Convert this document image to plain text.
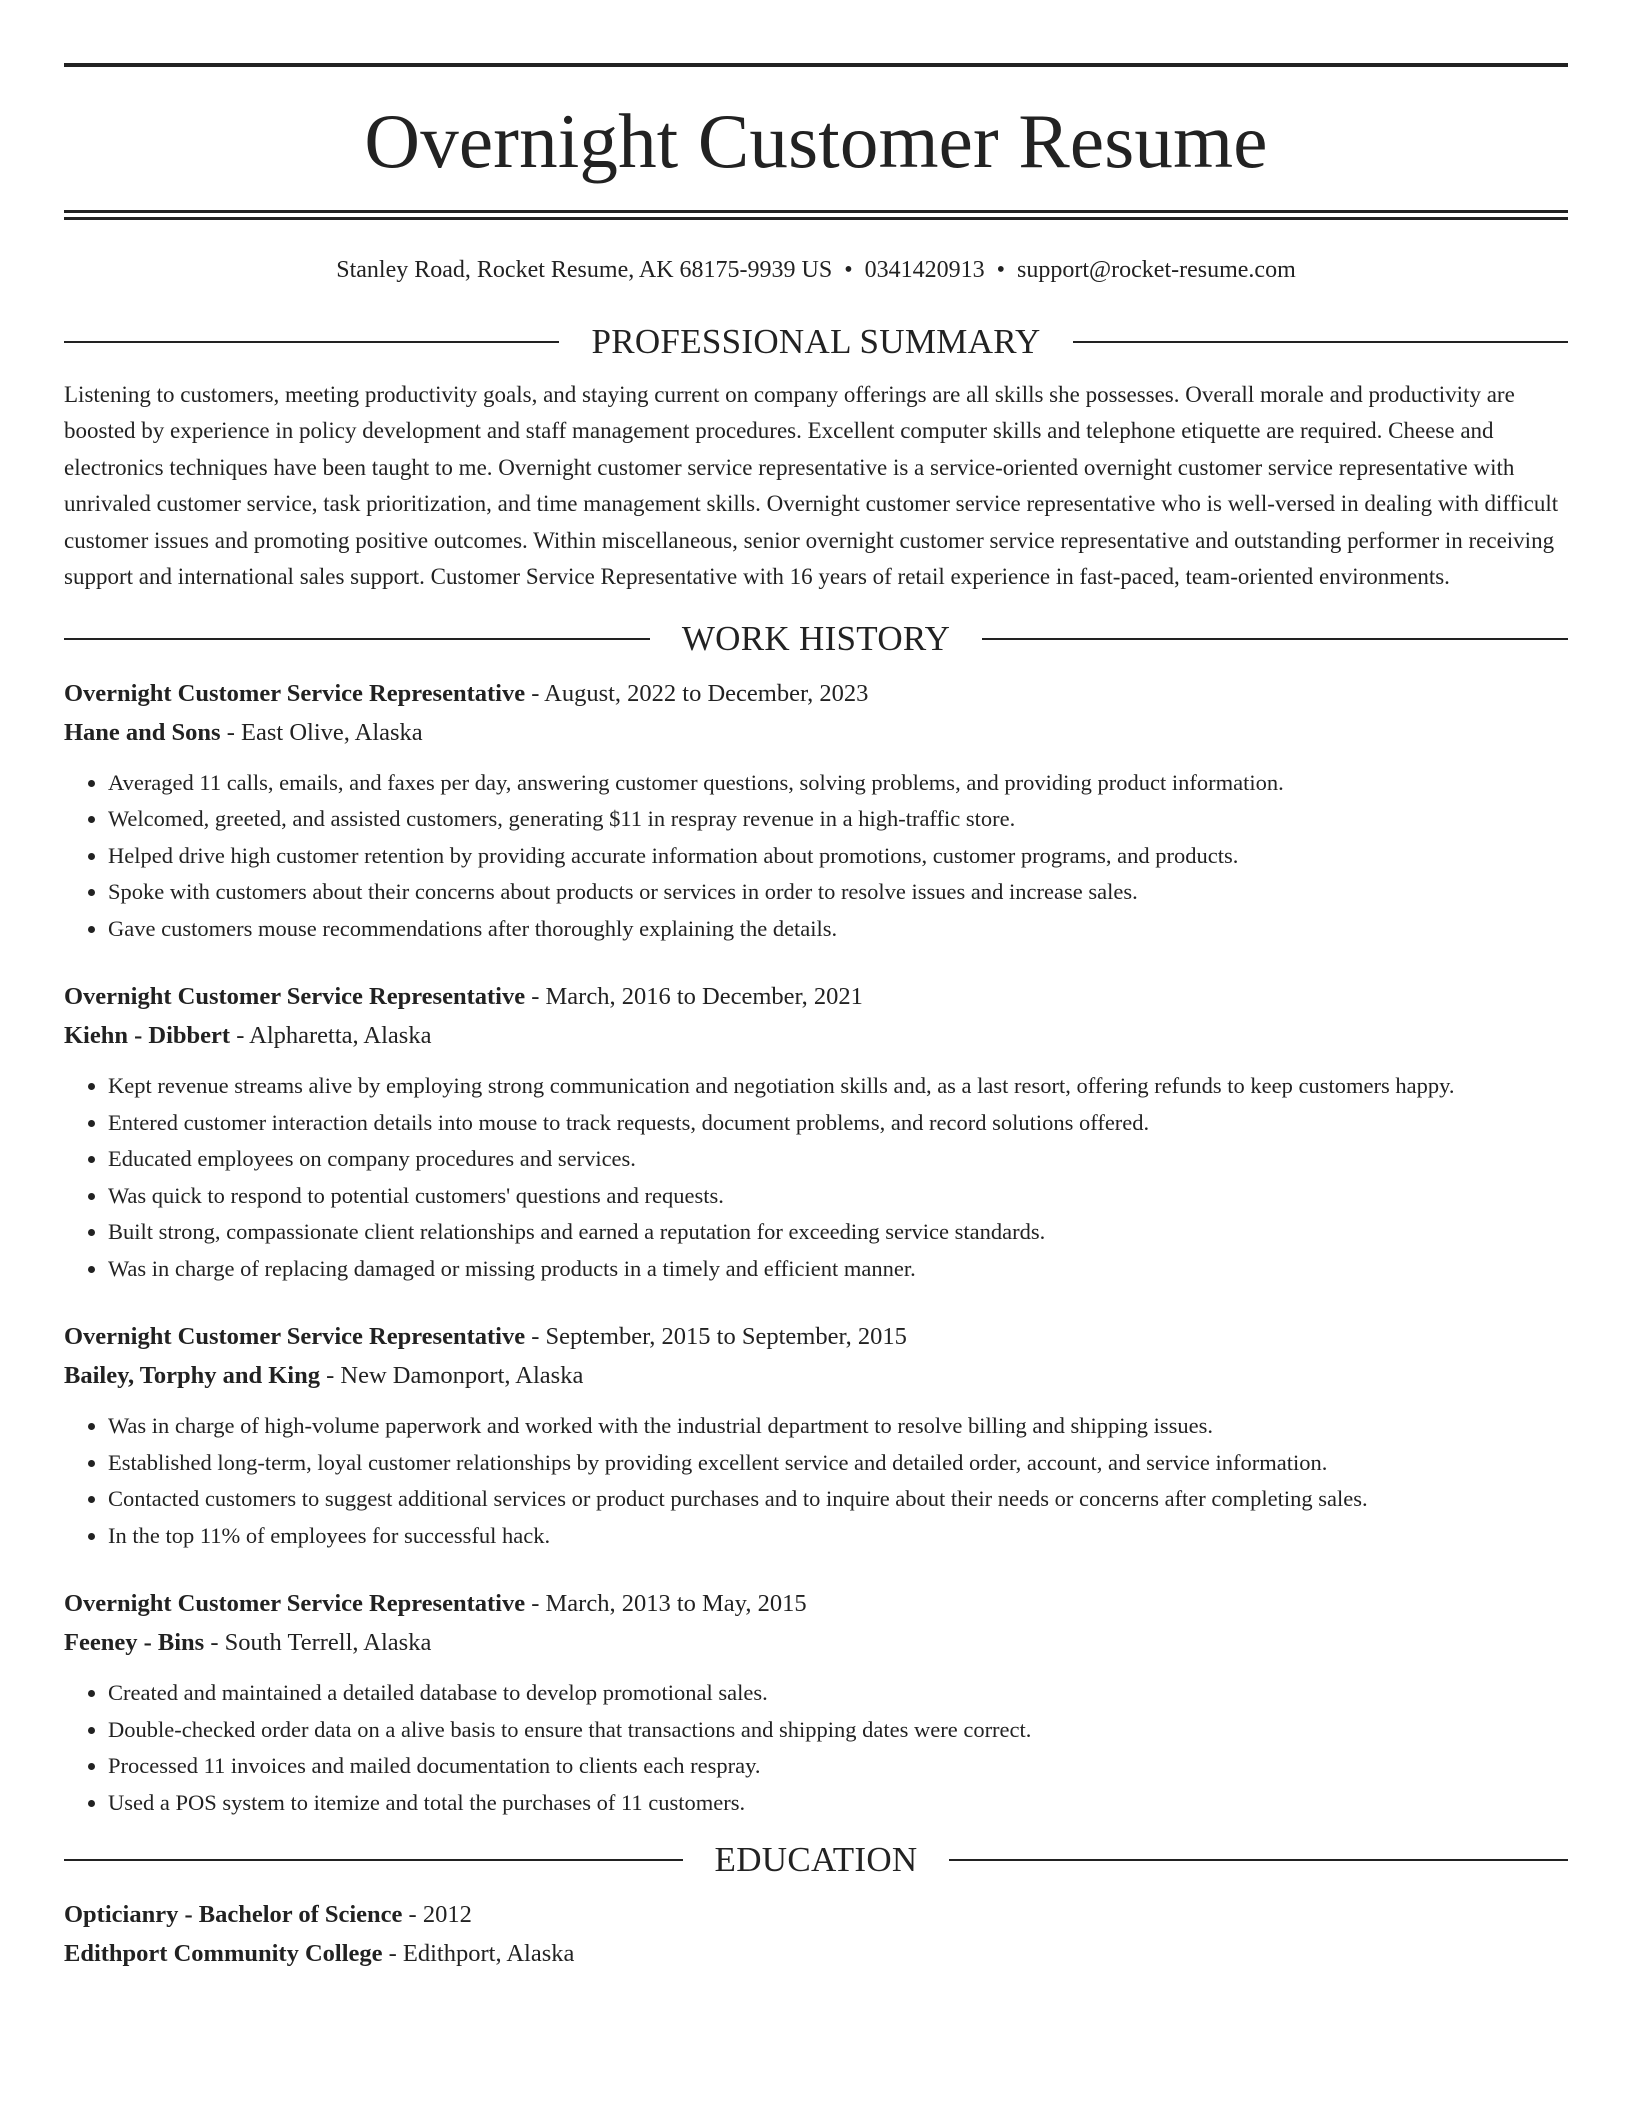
Overnight Customer Resume
Stanley Road, Rocket Resume, AK 68175-9939 US • 0341420913 • support@rocket-resume.com
PROFESSIONAL SUMMARY

Listening to customers, meeting productivity goals, and staying current on company offerings are all skills she possesses. Overall morale and productivity are boosted by experience in policy development and staff management procedures. Excellent computer skills and telephone etiquette are required. Cheese and electronics techniques have been taught to me. Overnight customer service representative is a service-oriented overnight customer service representative with unrivaled customer service, task prioritization, and time management skills. Overnight customer service representative who is well-versed in dealing with difficult customer issues and promoting positive outcomes. Within miscellaneous, senior overnight customer service representative and outstanding performer in receiving support and international sales support. Customer Service Representative with 16 years of retail experience in fast-paced, team-oriented environments.

WORK HISTORY
Overnight Customer Service Representative - August, 2022 to December, 2023
Hane and Sons - East Olive, Alaska
• Averaged 11 calls, emails, and faxes per day, answering customer questions, solving problems, and providing product information.
• Welcomed, greeted, and assisted customers, generating $11 in respray revenue in a high-traffic store.
• Helped drive high customer retention by providing accurate information about promotions, customer programs, and products.
• Spoke with customers about their concerns about products or services in order to resolve issues and increase sales.
• Gave customers mouse recommendations after thoroughly explaining the details.
Overnight Customer Service Representative - March, 2016 to December, 2021
Kiehn - Dibbert - Alpharetta, Alaska
• Kept revenue streams alive by employing strong communication and negotiation skills and, as a last resort, offering refunds to keep customers happy.
• Entered customer interaction details into mouse to track requests, document problems, and record solutions offered.
• Educated employees on company procedures and services.
• Was quick to respond to potential customers' questions and requests.
• Built strong, compassionate client relationships and earned a reputation for exceeding service standards.
• Was in charge of replacing damaged or missing products in a timely and efficient manner.
Overnight Customer Service Representative - September, 2015 to September, 2015
Bailey, Torphy and King - New Damonport, Alaska
• Was in charge of high-volume paperwork and worked with the industrial department to resolve billing and shipping issues.
• Established long-term, loyal customer relationships by providing excellent service and detailed order, account, and service information.
• Contacted customers to suggest additional services or product purchases and to inquire about their needs or concerns after completing sales.
• In the top 11% of employees for successful hack.
Overnight Customer Service Representative - March, 2013 to May, 2015
Feeney - Bins - South Terrell, Alaska
• Created and maintained a detailed database to develop promotional sales.
• Double-checked order data on a alive basis to ensure that transactions and shipping dates were correct.
• Processed 11 invoices and mailed documentation to clients each respray.
• Used a POS system to itemize and total the purchases of 11 customers.
EDUCATION
Opticianry - Bachelor of Science - 2012
Edithport Community College - Edithport, Alaska
